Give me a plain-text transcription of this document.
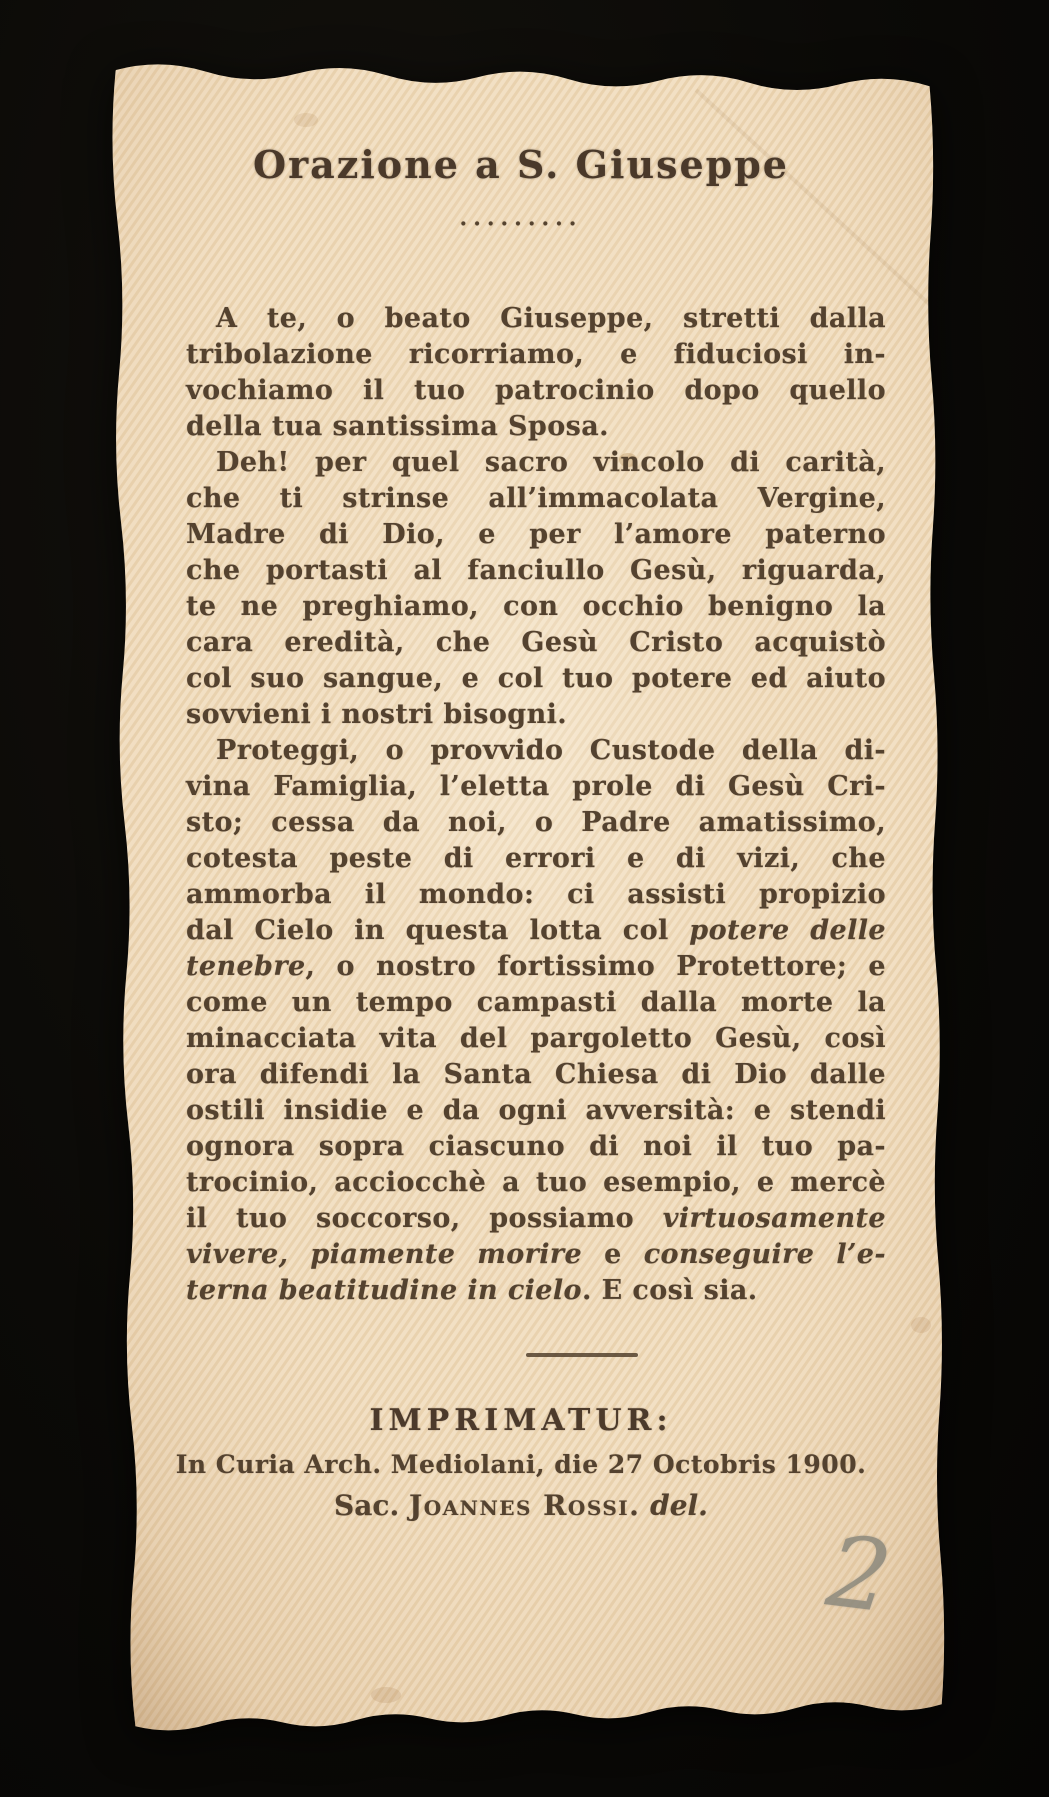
Orazione a S. Giuseppe
·········
A te, o beato Giuseppe, stretti dalla
tribolazione ricorriamo, e fiduciosi in-
vochiamo il tuo patrocinio dopo quello
della tua santissima Sposa.
Deh! per quel sacro vincolo di carità,
che ti strinse all’immacolata Vergine,
Madre di Dio, e per l’amore paterno
che portasti al fanciullo Gesù, riguarda,
te ne preghiamo, con occhio benigno la
cara eredità, che Gesù Cristo acquistò
col suo sangue, e col tuo potere ed aiuto
sovvieni i nostri bisogni.
Proteggi, o provvido Custode della di-
vina Famiglia, l’eletta prole di Gesù Cri-
sto; cessa da noi, o Padre amatissimo,
cotesta peste di errori e di vizi, che
ammorba il mondo: ci assisti propizio
dal Cielo in questa lotta col potere delle
tenebre, o nostro fortissimo Protettore; e
come un tempo campasti dalla morte la
minacciata vita del pargoletto Gesù, così
ora difendi la Santa Chiesa di Dio dalle
ostili insidie e da ogni avversità: e stendi
ognora sopra ciascuno di noi il tuo pa-
trocinio, acciocchè a tuo esempio, e mercè
il tuo soccorso, possiamo virtuosamente
vivere, piamente morire e conseguire l’e-
terna beatitudine in cielo. E così sia.
IMPRIMATUR:
In Curia Arch. Mediolani, die 27 Octobris 1900.
Sac. Joannes Rossi. del.
2
